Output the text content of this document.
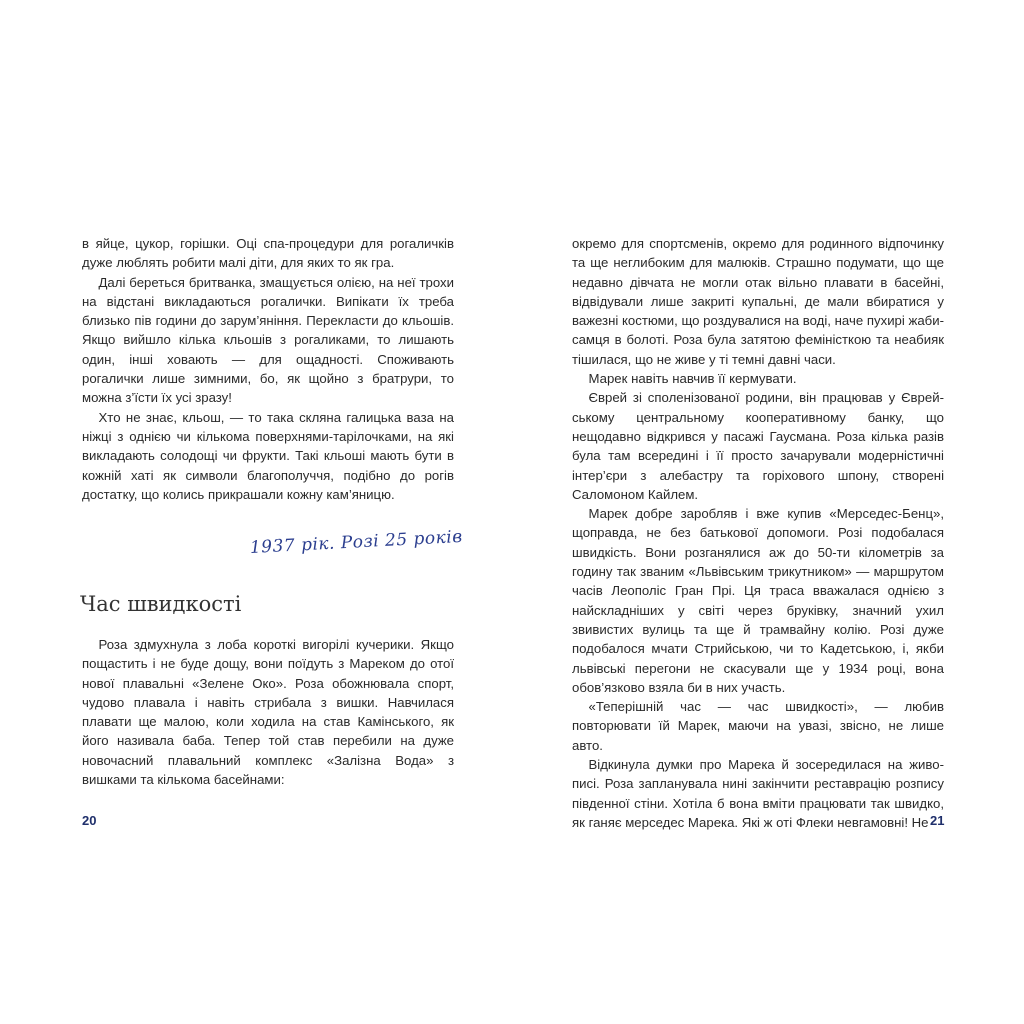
в яйце, цукор, горішки. Оці спа-процедури для рогаличків дуже люблять робити малі діти, для яких то як гра.

Далі береться бритванка, змащується олією, на неї трохи на відстані викладаються рогалички. Випікати їх треба близько пів години до зарум’яніння. Перекласти до кльошів. Якщо вийшло кілька кльошів з рогаликами, то лишають один, інші ховають — для ощадності. Споживають рогалички лише зимними, бо, як щойно з братрури, то можна з’їсти їх усі зразу!

Хто не знає, кльош, — то така скляна галицька ваза на ніжці з однією чи кількома поверхнями-тарілочками, на які викладають солодощі чи фрукти. Такі кльоші мають бути в кожній хаті як символи благополуччя, подібно до рогів достатку, що колись прикрашали кожну кам’яницю.

1937 рік. Розі 25 років
Час швидкості

Роза здмухнула з лоба короткі вигорілі кучерики. Якщо пощастить і не буде дощу, вони поїдуть з Мареком до отої нової плавальні «Зелене Око». Роза обожнювала спорт, чудово плавала і навіть стрибала з вишки. Навчилася плавати ще малою, коли ходила на став Камінського, як його називала баба. Тепер той став перебили на дуже новочасний плавальний комплекс «Залізна Вода» з вишками та кількома басейнами:

20

окремо для спортсменів, окремо для родинного відпочинку та ще неглибоким для малюків. Страшно подумати, що ще недавно дівчата не могли отак вільно плавати в басейні, відвідували лише закриті купальні, де мали вбиратися у важезні костюми, що роздувалися на воді, наче пухирі жаби-самця в болоті. Роза була затятою феміністкою та неабияк тішилася, що не живе у ті темні давні часи.

Марек навіть навчив її кермувати.

Єврей зі споленізованої родини, він працював у Єврейському центральному кооперативному банку, що нещодавно відкрився у пасажі Гаусмана. Роза кілька разів була там всередині і її просто зачарували модерністичні інтер’єри з алебастру та горіхового шпону, створені Саломоном Кайлем.

Марек добре заробляв і вже купив «Мерседес-Бенц», щоправда, не без батькової допомоги. Розі подобалася швидкість. Вони розганялися аж до 50-ти кілометрів за годину так званим «Львівським трикутником» — маршрутом часів Леополіс Гран Прі. Ця траса вважалася однією з найскладніших у світі через бруківку, значний ухил звивистих вулиць та ще й трамвайну колію. Розі дуже подобалося мчати Стрийською, чи то Кадетською, і, якби львівські перегони не скасували ще у 1934 році, вона обов’язково взяла би в них участь.

«Теперішній час — час швидкості», — любив повторювати їй Марек, маючи на увазі, звісно, не лише авто.

Відкинула думки про Марека й зосередилася на живописі. Роза запланувала нині закінчити реставрацію розпису південної стіни. Хотіла б вона вміти працювати так швидко, як ганяє мерседес Марека. Які ж оті Флеки невгамовні! Не 21
